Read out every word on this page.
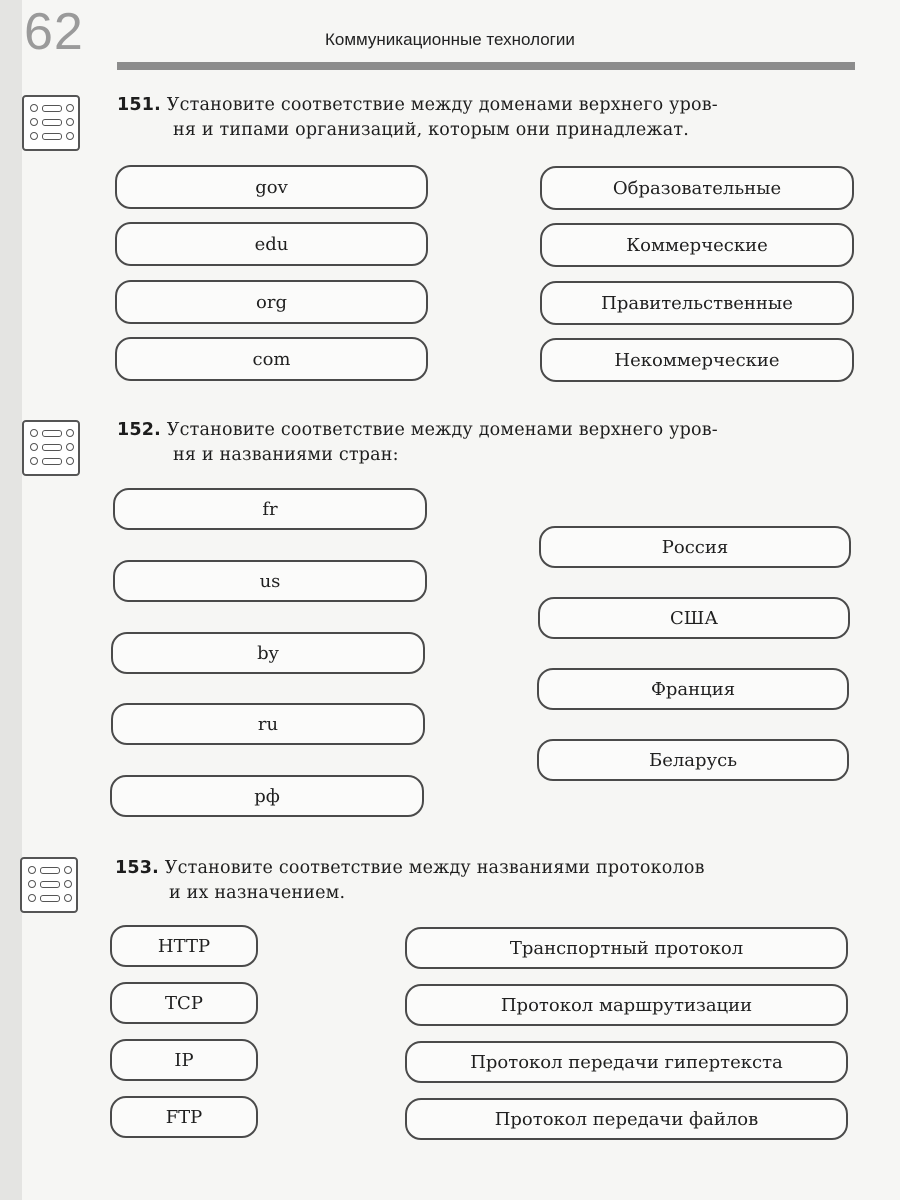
62	Коммуникационные технологии
151. Установите соответствие между доменами верхнего уров-
ня и типами организаций, которым они принадлежат.
gov
edu
org
com
Образовательные
Коммерческие
Правительственные
Некоммерческие
152. Установите соответствие между доменами верхнего уров-
ня и названиями стран:
fr
us
by
ru
рф
Россия
США
Франция
Беларусь
153. Установите соответствие между названиями протоколов
и их назначением.
HTTP
TCP
IP
FTP
Транспортный протокол
Протокол маршрутизации
Протокол передачи гипертекста
Протокол передачи файлов
